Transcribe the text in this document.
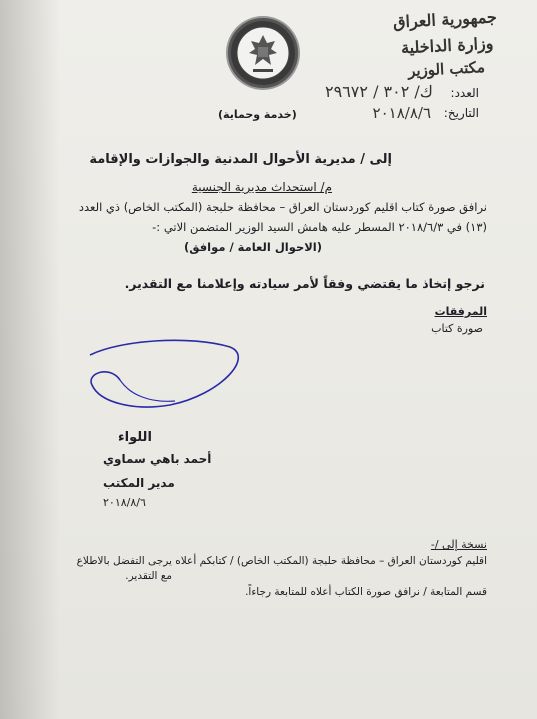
جمهورية العراق
وزارة الداخلية
مكتب الوزير
العدد:
ك/ ٣٠٢ / ٢٩٦٧٢
التاريخ:
٢٠١٨/٨/٦
(خدمة وحماية)
إلى / مديرية الأحوال المدنية والجوازات والإقامة
م/ استحداث مديرية الجنسية
نرافق صورة كتاب اقليم كوردستان العراق – محافظة حلبجة (المكتب الخاص) ذي العدد
(١٣) في ٢٠١٨/٦/٣ المسطر عليه هامش السيد الوزير المتضمن الاتي :-
(الاحوال العامة / موافق)
نرجو إتخاذ ما يقتضي وفقاً لأمر سيادته وإعلامنا مع التقدير.
المرفقات
صورة كتاب
اللواء
أحمد باهي سماوي
مدير المكتب
٢٠١٨/٨/٦
نسخة إلى /-
اقليم كوردستان العراق – محافظة حلبجة (المكتب الخاص) / كتابكم أعلاه يرجى التفضل بالاطلاع
مع التقدير.
قسم المتابعة / نرافق صورة الكتاب أعلاه للمتابعة رجاءاً.
